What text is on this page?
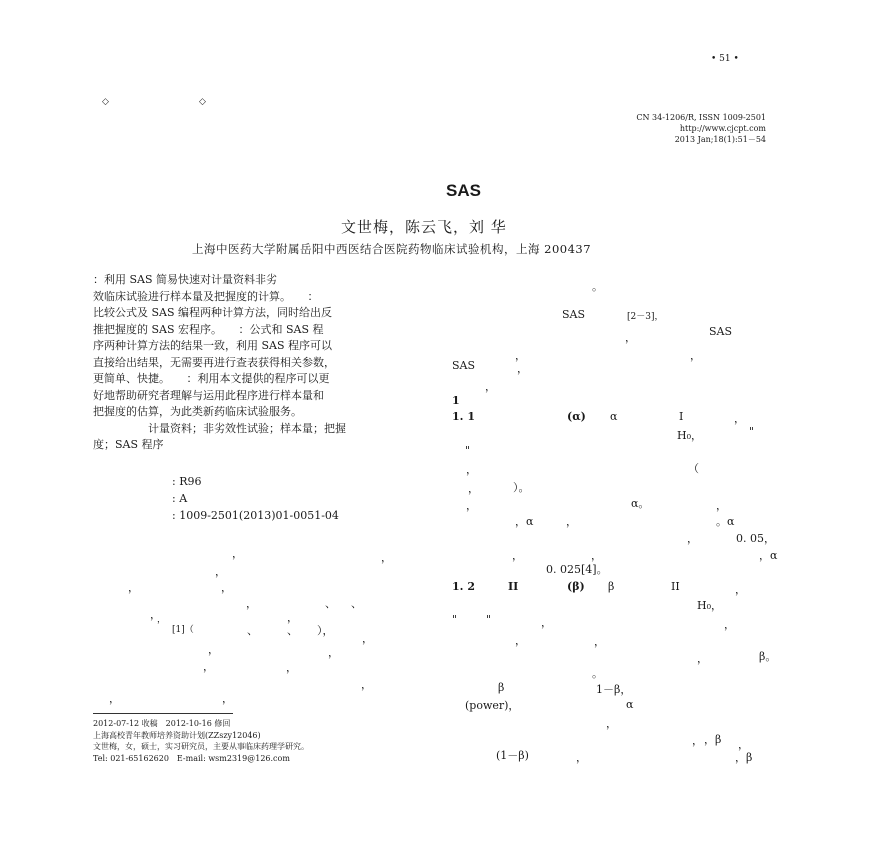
• 51 •
◇	◇
CN 34-1206/R, ISSN 1009-2501
http://www.cjcpt.com
2013 Jan;18(1):51－54
SAS
文世梅，陈云飞，刘 华
上海中医药大学附属岳阳中西医结合医院药物临床试验机构，上海 200437

：利用 SAS 简易快速对计量资料非劣

效临床试验进行样本量及把握度的计算。　　：

比较公式及 SAS 编程两种计算方法，同时给出反

推把握度的 SAS 宏程序。　　：公式和 SAS 程

序两种计算方法的结果一致，利用 SAS 程序可以

直接给出结果，无需要再进行查表获得相关参数，

更简单、快捷。　　：利用本文提供的程序可以更

好地帮助研究者理解与运用此程序进行样本量和

把握度的估算，为此类新药临床试验服务。

　　　　　计量资料；非劣效性试验；样本量；把握

度；SAS 程序

: R96
: A
: 1009-2501(2013)01-0051-04
，	，
，
，	，
，	、 、
，	，
，
[1]（	、	、 ），
，
，	，
，	，
，
，	，
2012-07-12 收稿　2012-10-16 修回
上海高校青年教师培养资助计划(ZZszy12046)
文世梅，女，硕士，实习研究员，主要从事临床药理学研究。
Tel: 021-65162620　E-mail: wsm2319@126.com
。
SAS	[2－3]，
，	SAS
，	，
SAS	，
，
1
1. 1	(α) α	I	，
H₀，	"
"
，	（
，	）。
，	α。	，
，α	，	。α
，	0. 05，
，	，	，α
0. 025[4]。
1. 2	II	(β) β	II	，
H₀，
"	"	，	，
，	，
，	β。
。
β	1－β，
(power)，	α
，
， ，β ，
(1－β)	，	，β
